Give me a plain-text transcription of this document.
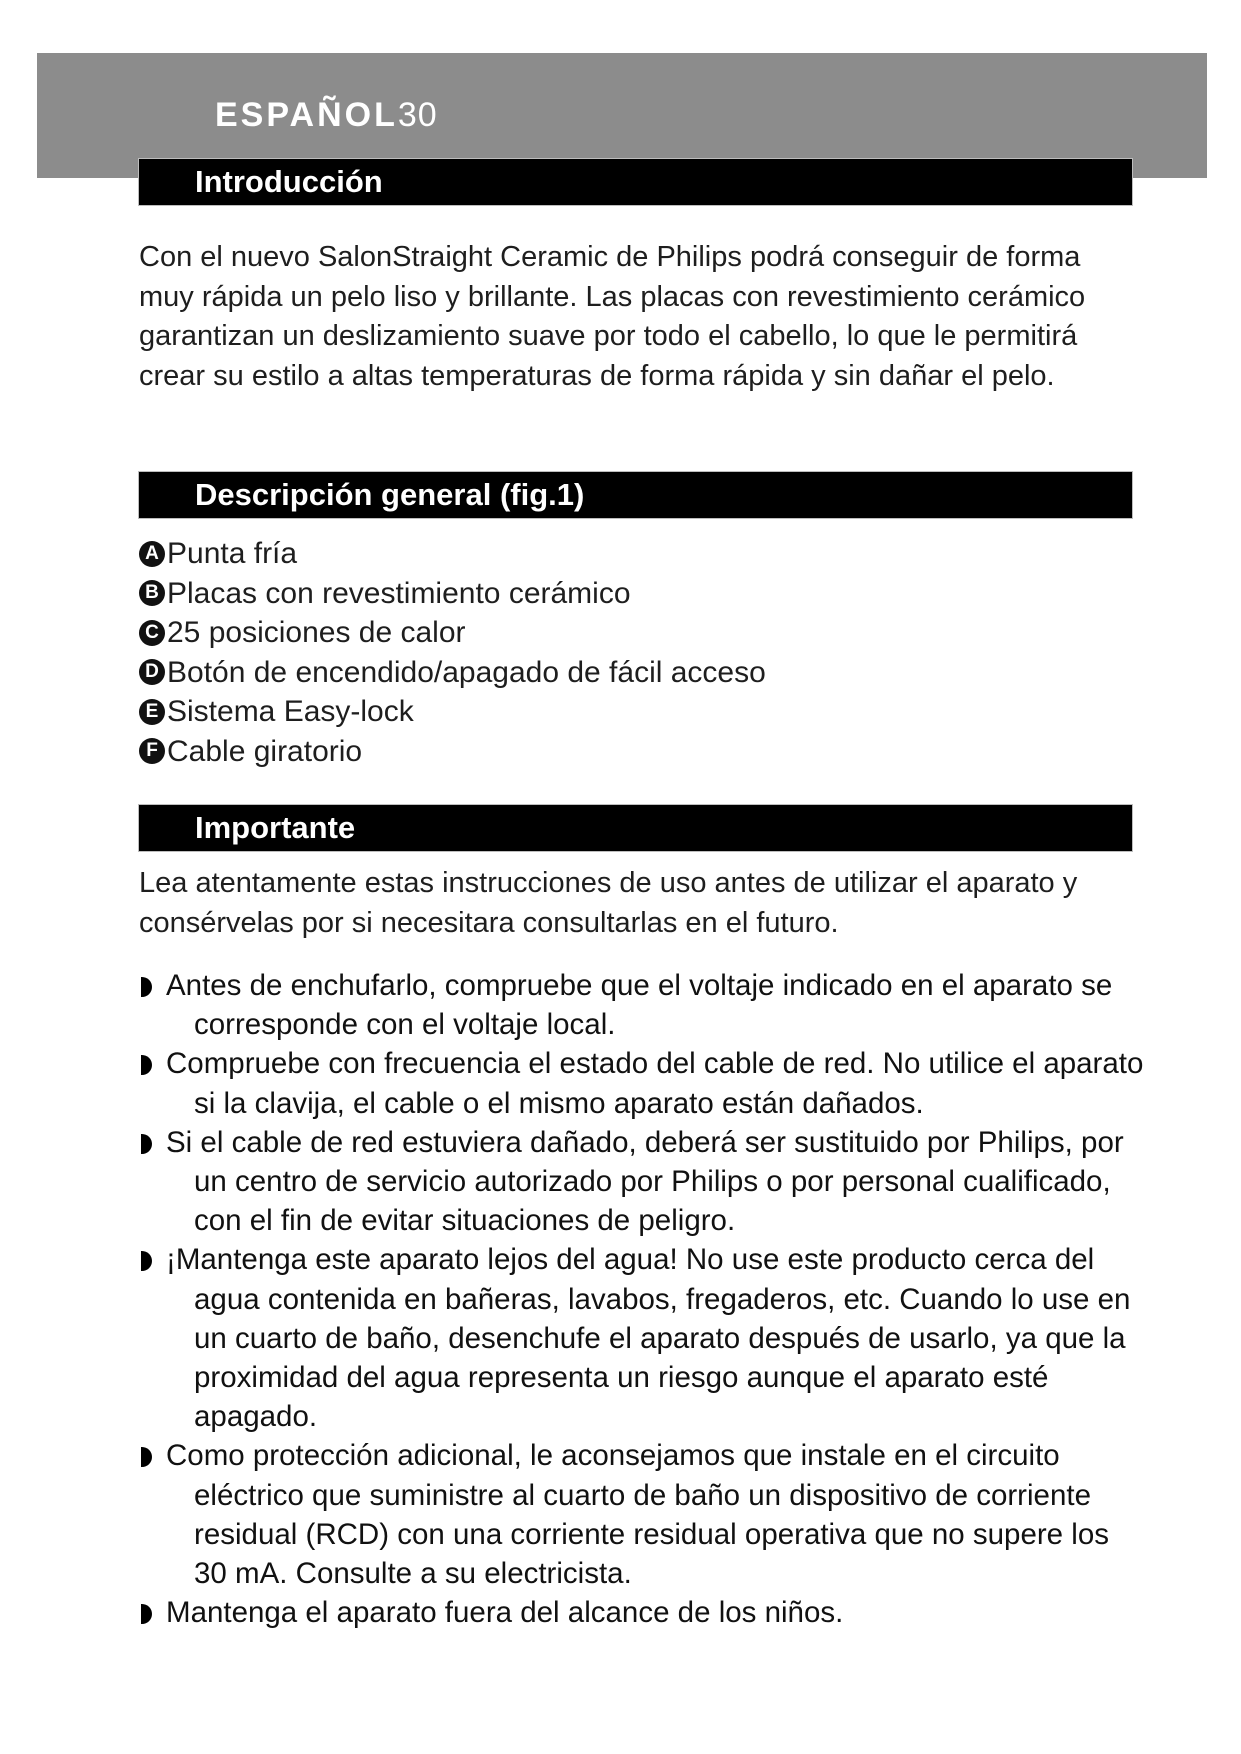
ESPAÑOL30
Introducción

Con el nuevo SalonStraight Ceramic de Philips podrá conseguir de forma muy rápida un pelo liso y brillante. Las placas con revestimiento cerámico garantizan un deslizamiento suave por todo el cabello, lo que le permitirá crear su estilo a altas temperaturas de forma rápida y sin dañar el pelo.

Descripción general (fig.1)
A Punta fría
B Placas con revestimiento cerámico
C 25 posiciones de calor
D Botón de encendido/apagado de fácil acceso
E Sistema Easy-lock
F Cable giratorio
Importante

Lea atentamente estas instrucciones de uso antes de utilizar el aparato y consérvelas por si necesitara consultarlas en el futuro.

Antes de enchufarlo, compruebe que el voltaje indicado en el aparato se corresponde con el voltaje local.
Compruebe con frecuencia el estado del cable de red. No utilice el aparato si la clavija, el cable o el mismo aparato están dañados.
Si el cable de red estuviera dañado, deberá ser sustituido por Philips, por un centro de servicio autorizado por Philips o por personal cualificado, con el fin de evitar situaciones de peligro.
¡Mantenga este aparato lejos del agua! No use este producto cerca del agua contenida en bañeras, lavabos, fregaderos, etc. Cuando lo use en un cuarto de baño, desenchufe el aparato después de usarlo, ya que la proximidad del agua representa un riesgo aunque el aparato esté apagado.
Como protección adicional, le aconsejamos que instale en el circuito eléctrico que suministre al cuarto de baño un dispositivo de corriente residual (RCD) con una corriente residual operativa que no supere los 30 mA. Consulte a su electricista.
Mantenga el aparato fuera del alcance de los niños.
